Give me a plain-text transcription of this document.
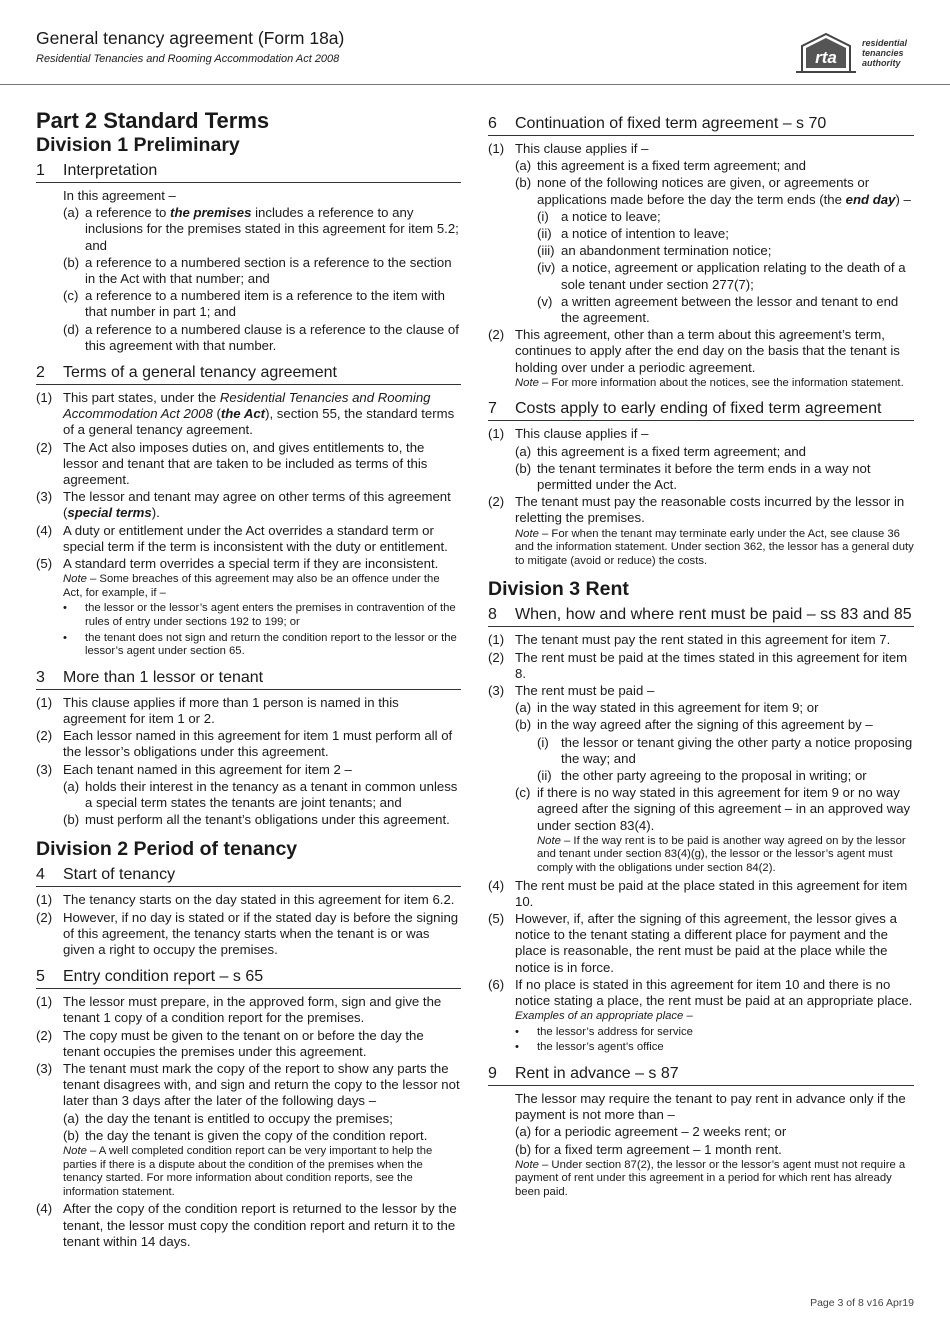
General tenancy agreement (Form 18a)
Residential Tenancies and Rooming Accommodation Act 2008	rta
residential
tenancies
authority
Part 2 Standard Terms
Division 1 Preliminary
1	Interpretation
In this agreement –
(a) a reference to the premises includes a reference to any inclusions for the premises stated in this agreement for item 5.2; and
(b) a reference to a numbered section is a reference to the section in the Act with that number; and
(c) a reference to a numbered item is a reference to the item with that number in part 1; and
(d) a reference to a numbered clause is a reference to the clause of this agreement with that number.
2	Terms of a general tenancy agreement
(1) This part states, under the Residential Tenancies and Rooming Accommodation Act 2008 (the Act), section 55, the standard terms of a general tenancy agreement.
(2) The Act also imposes duties on, and gives entitlements to, the lessor and tenant that are taken to be included as terms of this agreement.
(3) The lessor and tenant may agree on other terms of this agreement (special terms).
(4) A duty or entitlement under the Act overrides a standard term or special term if the term is inconsistent with the duty or entitlement.
(5) A standard term overrides a special term if they are inconsistent.
Note – Some breaches of this agreement may also be an offence under the Act, for example, if –
•	the lessor or the lessor’s agent enters the premises in contravention of the rules of entry under sections 192 to 199; or
•	the tenant does not sign and return the condition report to the lessor or the lessor’s agent under section 65.
3	More than 1 lessor or tenant
(1) This clause applies if more than 1 person is named in this agreement for item 1 or 2.
(2) Each lessor named in this agreement for item 1 must perform all of the lessor’s obligations under this agreement.
(3) Each tenant named in this agreement for item 2 –
(a) holds their interest in the tenancy as a tenant in common unless a special term states the tenants are joint tenants; and
(b) must perform all the tenant’s obligations under this agreement.
Division 2 Period of tenancy
4	Start of tenancy
(1) The tenancy starts on the day stated in this agreement for item 6.2.
(2) However, if no day is stated or if the stated day is before the signing of this agreement, the tenancy starts when the tenant is or was given a right to occupy the premises.
5	Entry condition report – s 65
(1) The lessor must prepare, in the approved form, sign and give the tenant 1 copy of a condition report for the premises.
(2) The copy must be given to the tenant on or before the day the tenant occupies the premises under this agreement.
(3) The tenant must mark the copy of the report to show any parts the tenant disagrees with, and sign and return the copy to the lessor not later than 3 days after the later of the following days –
(a) the day the tenant is entitled to occupy the premises;
(b) the day the tenant is given the copy of the condition report.
Note – A well completed condition report can be very important to help the parties if there is a dispute about the condition of the premises when the tenancy started. For more information about condition reports, see the information statement.
(4) After the copy of the condition report is returned to the lessor by the tenant, the lessor must copy the condition report and return it to the tenant within 14 days.
6	Continuation of fixed term agreement – s 70
(1) This clause applies if –
(a) this agreement is a fixed term agreement; and
(b) none of the following notices are given, or agreements or applications made before the day the term ends (the end day) –
(i) a notice to leave;
(ii) a notice of intention to leave;
(iii) an abandonment termination notice;
(iv) a notice, agreement or application relating to the death of a sole tenant under section 277(7);
(v) a written agreement between the lessor and tenant to end the agreement.
(2) This agreement, other than a term about this agreement’s term, continues to apply after the end day on the basis that the tenant is holding over under a periodic agreement.
Note – For more information about the notices, see the information statement.
7	Costs apply to early ending of fixed term agreement
(1) This clause applies if –
(a) this agreement is a fixed term agreement; and
(b) the tenant terminates it before the term ends in a way not permitted under the Act.
(2) The tenant must pay the reasonable costs incurred by the lessor in reletting the premises.
Note – For when the tenant may terminate early under the Act, see clause 36 and the information statement. Under section 362, the lessor has a general duty to mitigate (avoid or reduce) the costs.
Division 3 Rent
8	When, how and where rent must be paid – ss 83 and 85
(1) The tenant must pay the rent stated in this agreement for item 7.
(2) The rent must be paid at the times stated in this agreement for item 8.
(3) The rent must be paid –
(a) in the way stated in this agreement for item 9; or
(b) in the way agreed after the signing of this agreement by –
(i) the lessor or tenant giving the other party a notice proposing the way; and
(ii) the other party agreeing to the proposal in writing; or
(c) if there is no way stated in this agreement for item 9 or no way agreed after the signing of this agreement – in an approved way under section 83(4).
Note – If the way rent is to be paid is another way agreed on by the lessor and tenant under section 83(4)(g), the lessor or the lessor’s agent must comply with the obligations under section 84(2).
(4) The rent must be paid at the place stated in this agreement for item 10.
(5) However, if, after the signing of this agreement, the lessor gives a notice to the tenant stating a different place for payment and the place is reasonable, the rent must be paid at the place while the notice is in force.
(6) If no place is stated in this agreement for item 10 and there is no notice stating a place, the rent must be paid at an appropriate place.
Examples of an appropriate place –
•	the lessor’s address for service
•	the lessor’s agent’s office
9	Rent in advance – s 87
The lessor may require the tenant to pay rent in advance only if the payment is not more than –
(a) for a periodic agreement – 2 weeks rent; or
(b) for a fixed term agreement – 1 month rent.
Note – Under section 87(2), the lessor or the lessor’s agent must not require a payment of rent under this agreement in a period for which rent has already been paid.
Page 3 of 8 v16 Apr19
